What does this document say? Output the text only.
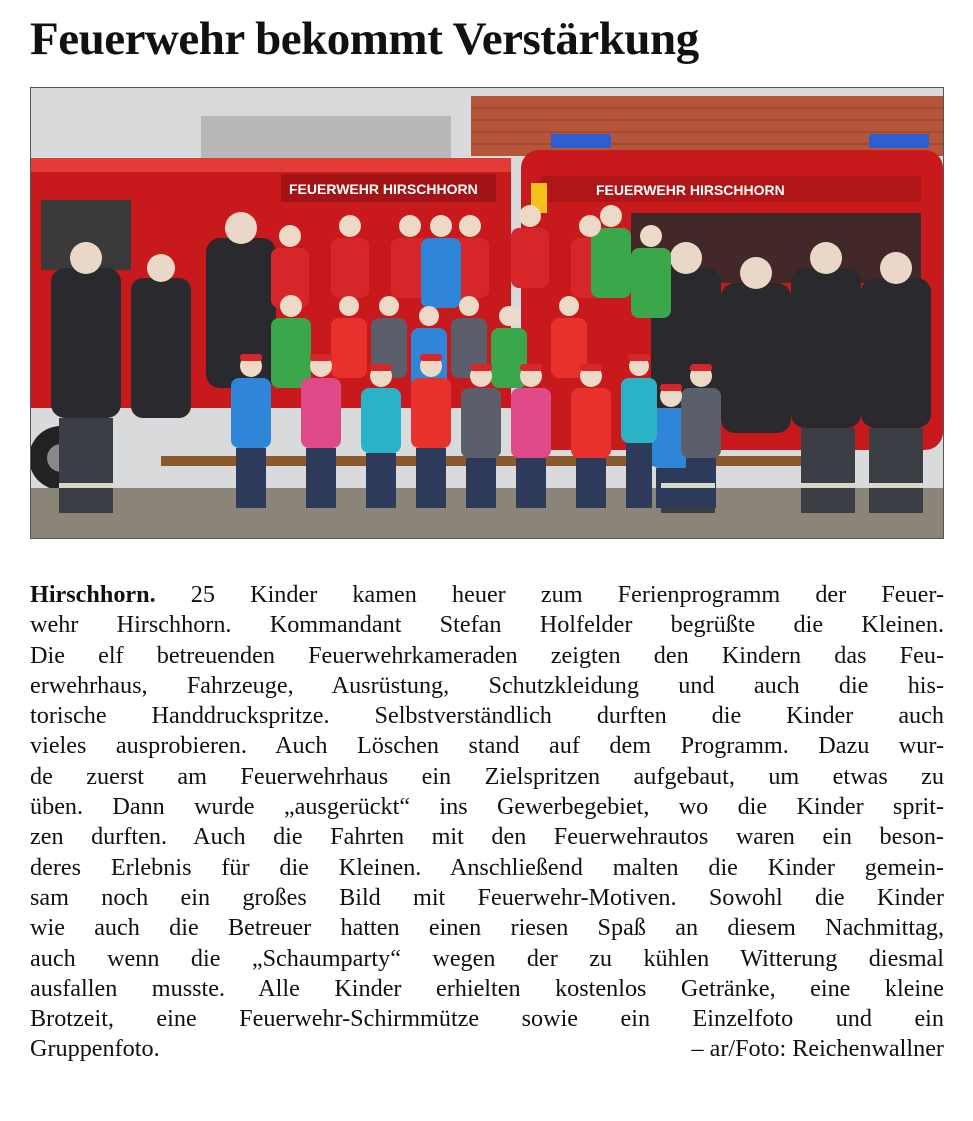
Feuerwehr bekommt Verstärkung
FEUERWEHR HIRSCHHORN	FEUERWEHR HIRSCHHORN
Hirschhorn. 25 Kinder kamen heuer zum Ferienprogramm der Feuer-
wehr Hirschhorn. Kommandant Stefan Holfelder begrüßte die Kleinen.
Die elf betreuenden Feuerwehrkameraden zeigten den Kindern das Feu-
erwehrhaus, Fahrzeuge, Ausrüstung, Schutzkleidung und auch die his-
torische Handdruckspritze. Selbstverständlich durften die Kinder auch
vieles ausprobieren. Auch Löschen stand auf dem Programm. Dazu wur-
de zuerst am Feuerwehrhaus ein Zielspritzen aufgebaut, um etwas zu
üben. Dann wurde „ausgerückt“ ins Gewerbegebiet, wo die Kinder sprit-
zen durften. Auch die Fahrten mit den Feuerwehrautos waren ein beson-
deres Erlebnis für die Kleinen. Anschließend malten die Kinder gemein-
sam noch ein großes Bild mit Feuerwehr-Motiven. Sowohl die Kinder
wie auch die Betreuer hatten einen riesen Spaß an diesem Nachmittag,
auch wenn die „Schaumparty“ wegen der zu kühlen Witterung diesmal
ausfallen musste. Alle Kinder erhielten kostenlos Getränke, eine kleine
Brotzeit, eine Feuerwehr-Schirmmütze sowie ein Einzelfoto und ein
Gruppenfoto.	– ar/Foto: Reichenwallner
